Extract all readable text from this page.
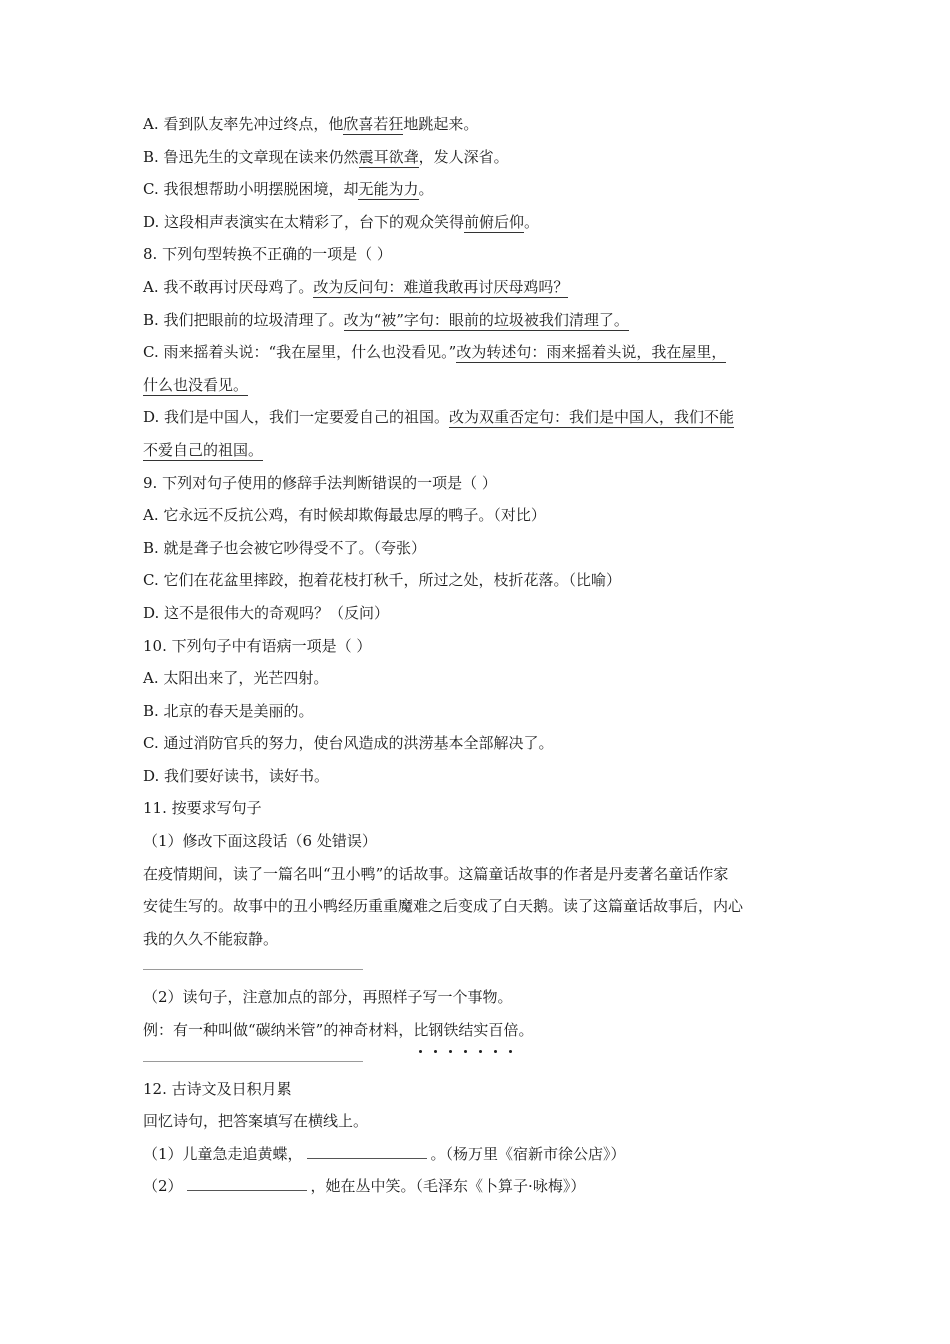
A. 看到队友率先冲过终点，他欣喜若狂地跳起来。
B. 鲁迅先生的文章现在读来仍然震耳欲聋，发人深省。
C. 我很想帮助小明摆脱困境，却无能为力。
D. 这段相声表演实在太精彩了，台下的观众笑得前俯后仰。
8. 下列句型转换不正确的一项是（ ）
A. 我不敢再讨厌母鸡了。改为反问句：难道我敢再讨厌母鸡吗？
B. 我们把眼前的垃圾清理了。改为“被”字句：眼前的垃圾被我们清理了。
C. 雨来摇着头说：“我在屋里，什么也没看见。”改为转述句：雨来摇着头说，我在屋里，
什么也没看见。
D. 我们是中国人，我们一定要爱自己的祖国。改为双重否定句：我们是中国人，我们不能
不爱自己的祖国。
9. 下列对句子使用的修辞手法判断错误的一项是（ ）
A. 它永远不反抗公鸡，有时候却欺侮最忠厚的鸭子。（对比）
B. 就是聋子也会被它吵得受不了。（夸张）
C. 它们在花盆里摔跤，抱着花枝打秋千，所过之处，枝折花落。（比喻）
D. 这不是很伟大的奇观吗？（反问）
10. 下列句子中有语病一项是（ ）
A. 太阳出来了，光芒四射。
B. 北京的春天是美丽的。
C. 通过消防官兵的努力，使台风造成的洪涝基本全部解决了。
D. 我们要好读书，读好书。
11. 按要求写句子
（1）修改下面这段话（6 处错误）
在疫情期间，读了一篇名叫“丑小鸭”的话故事。这篇童话故事的作者是丹麦著名童话作家
安徒生写的。故事中的丑小鸭经历重重魔难之后变成了白天鹅。读了这篇童话故事后，内心
我的久久不能寂静。
（2）读句子，注意加点的部分，再照样子写一个事物。
例：有一种叫做“碳纳米管”的神奇材料，比钢铁结实百倍。
12. 古诗文及日积月累
回忆诗句，把答案填写在横线上。
（1）儿童急走追黄蝶，	。（杨万里《宿新市徐公店》）
（2）	，她在丛中笑。（毛泽东《卜算子·咏梅》）
